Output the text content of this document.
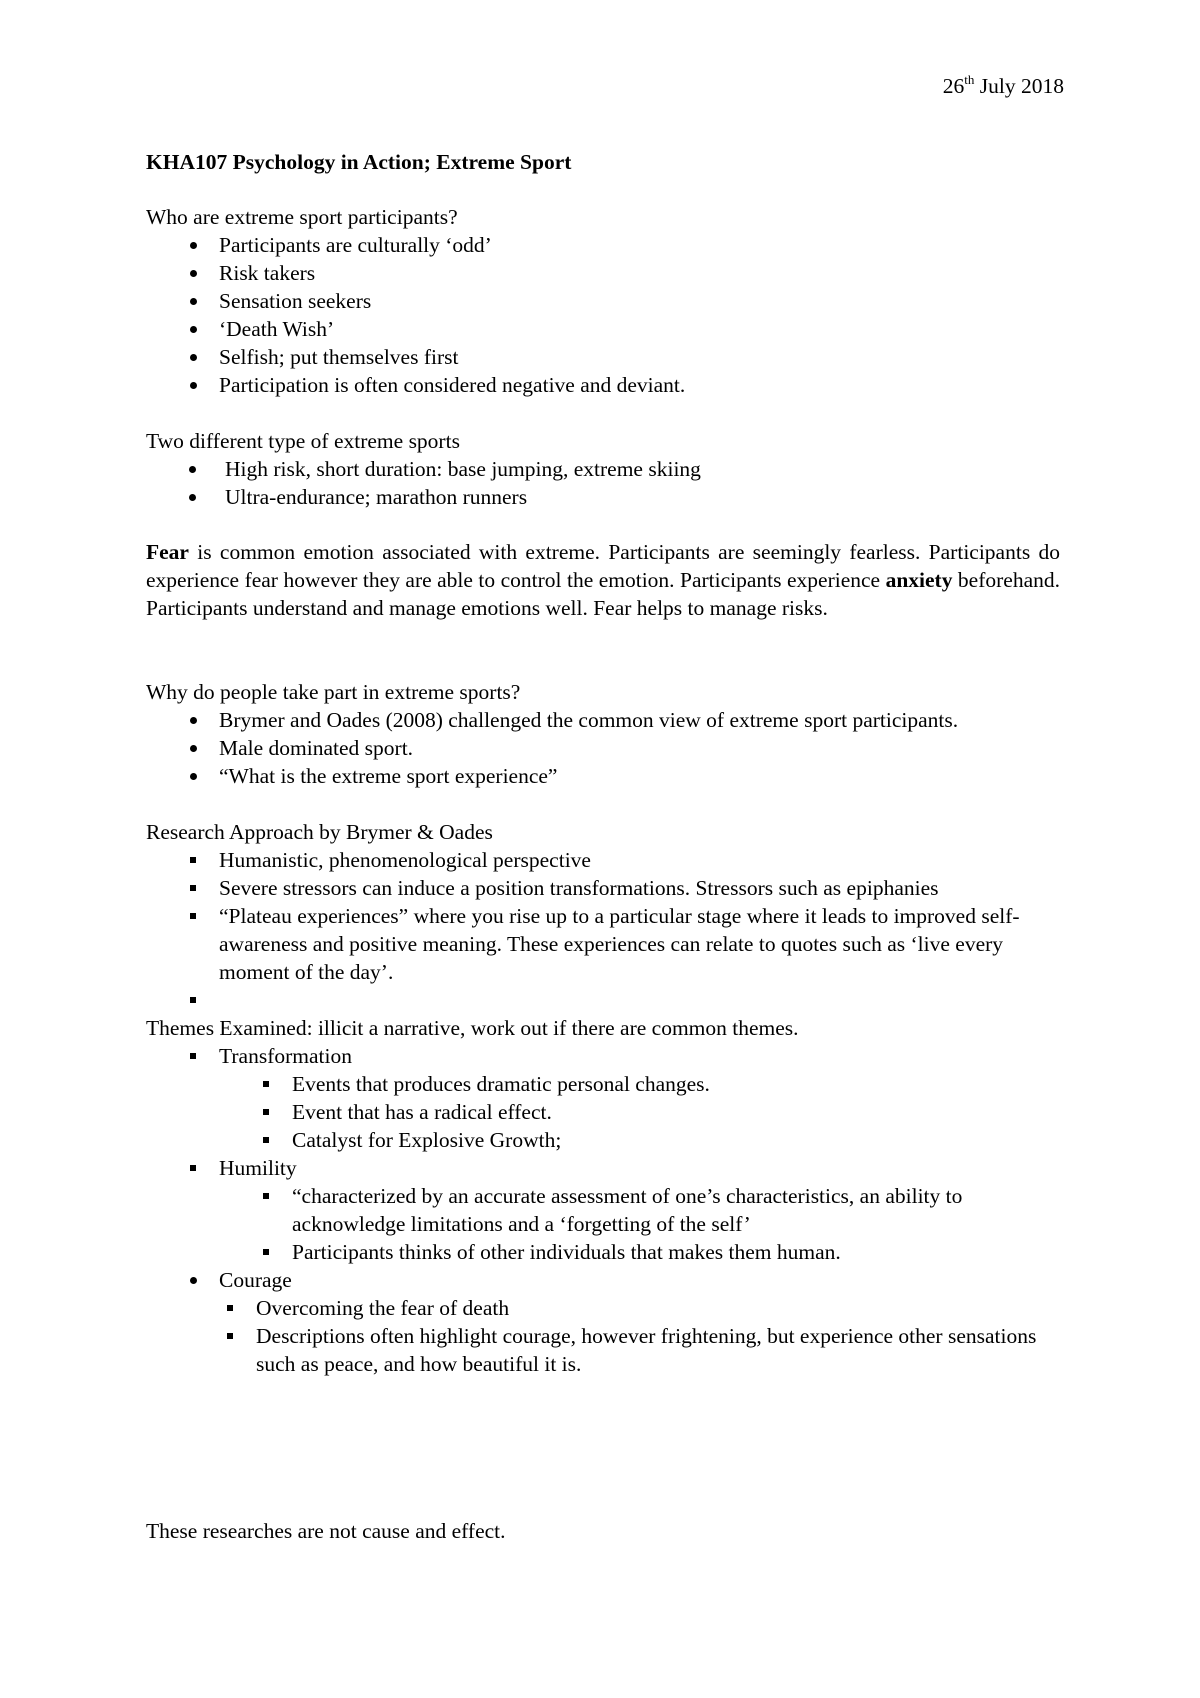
26th July 2018
KHA107 Psychology in Action; Extreme Sport
Who are extreme sport participants?
Participants are culturally ‘odd’
Risk takers
Sensation seekers
‘Death Wish’
Selfish; put themselves first
Participation is often considered negative and deviant.
Two different type of extreme sports
High risk, short duration: base jumping, extreme skiing
Ultra-endurance; marathon runners
Fear is common emotion associated with extreme. Participants are seemingly fearless. Participants do experience fear however they are able to control the emotion. Participants experience anxiety beforehand. Participants understand and manage emotions well. Fear helps to manage risks.
Why do people take part in extreme sports?
Brymer and Oades (2008) challenged the common view of extreme sport participants.
Male dominated sport.
“What is the extreme sport experience”
Research Approach by Brymer & Oades
Humanistic, phenomenological perspective
Severe stressors can induce a position transformations. Stressors such as epiphanies
“Plateau experiences” where you rise up to a particular stage where it leads to improved self-awareness and positive meaning. These experiences can relate to quotes such as ‘live every moment of the day’.
Themes Examined: illicit a narrative, work out if there are common themes.
Transformation
Events that produces dramatic personal changes.
Event that has a radical effect.
Catalyst for Explosive Growth;
Humility
“characterized by an accurate assessment of one’s characteristics, an ability to acknowledge limitations and a ‘forgetting of the self’
Participants thinks of other individuals that makes them human.
Courage
Overcoming the fear of death
Descriptions often highlight courage, however frightening, but experience other sensations such as peace, and how beautiful it is.
These researches are not cause and effect.
